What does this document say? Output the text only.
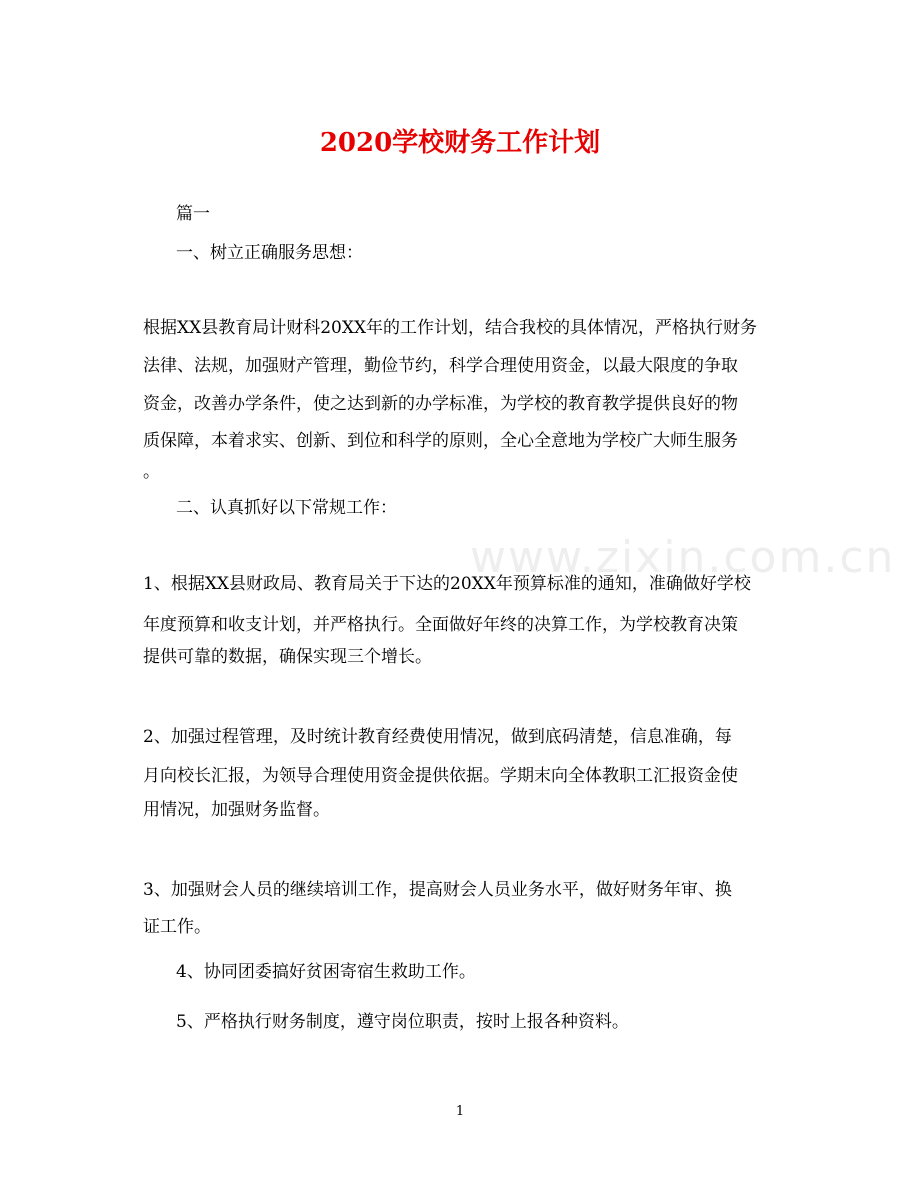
www.zixin.com.cn
2020学校财务工作计划
篇一
一、树立正确服务思想：
根据XX县教育局计财科20XX年的工作计划，结合我校的具体情况，严格执行财务
法律、法规，加强财产管理，勤俭节约，科学合理使用资金，以最大限度的争取
资金，改善办学条件，使之达到新的办学标准，为学校的教育教学提供良好的物
质保障，本着求实、创新、到位和科学的原则，全心全意地为学校广大师生服务
。
二、认真抓好以下常规工作：
1、根据XX县财政局、教育局关于下达的20XX年预算标准的通知，准确做好学校
年度预算和收支计划，并严格执行。全面做好年终的决算工作，为学校教育决策
提供可靠的数据，确保实现三个增长。
2、加强过程管理，及时统计教育经费使用情况，做到底码清楚，信息准确，每
月向校长汇报，为领导合理使用资金提供依据。学期末向全体教职工汇报资金使
用情况，加强财务监督。
3、加强财会人员的继续培训工作，提高财会人员业务水平，做好财务年审、换
证工作。
4、协同团委搞好贫困寄宿生救助工作。
5、严格执行财务制度，遵守岗位职责，按时上报各种资料。
1
